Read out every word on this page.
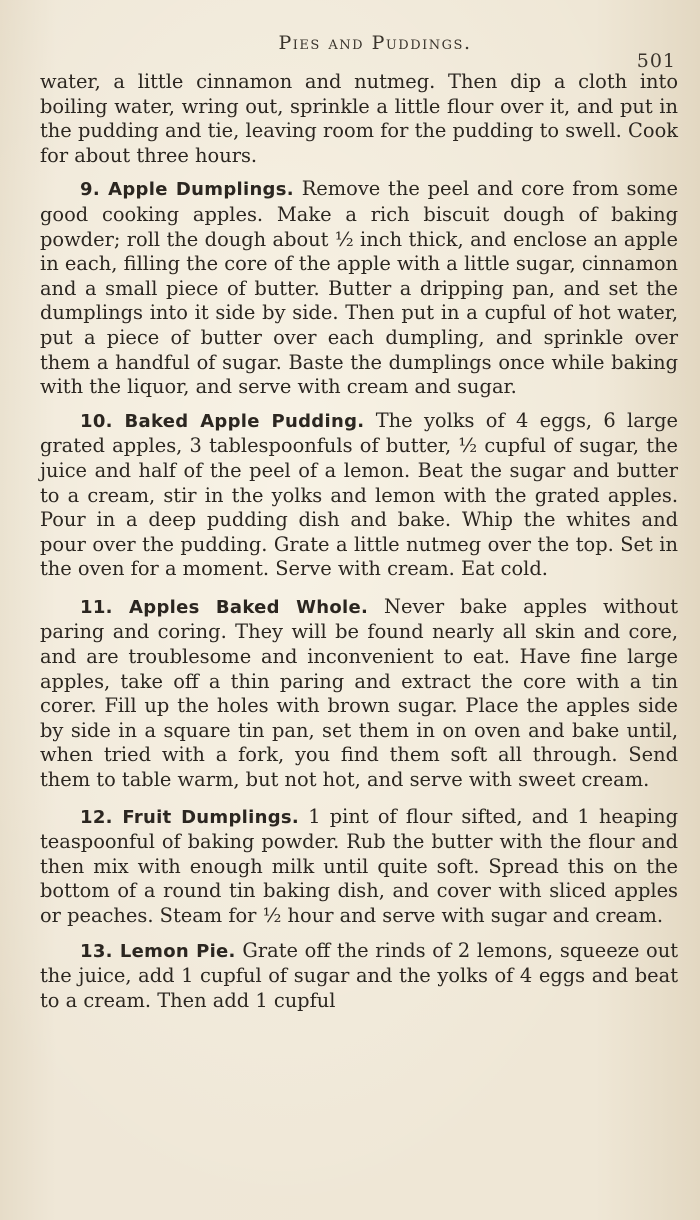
Pies and Puddings.
501

water, a little cinnamon and nutmeg. Then dip a cloth into boiling water, wring out, sprinkle a little flour over it, and put in the pudding and tie, leaving room for the pudding to swell. Cook for about three hours.

9. Apple Dumplings. Remove the peel and core from some good cooking apples. Make a rich biscuit dough of baking powder; roll the dough about ½ inch thick, and enclose an apple in each, filling the core of the apple with a little sugar, cinnamon and a small piece of butter. Butter a dripping pan, and set the dumplings into it side by side. Then put in a cupful of hot water, put a piece of butter over each dumpling, and sprinkle over them a handful of sugar. Baste the dumplings once while baking with the liquor, and serve with cream and sugar.

10. Baked Apple Pudding. The yolks of 4 eggs, 6 large grated apples, 3 tablespoonfuls of butter, ½ cupful of sugar, the juice and half of the peel of a lemon. Beat the sugar and butter to a cream, stir in the yolks and lemon with the grated apples. Pour in a deep pudding dish and bake. Whip the whites and pour over the pudding. Grate a little nutmeg over the top. Set in the oven for a moment. Serve with cream. Eat cold.

11. Apples Baked Whole. Never bake apples without paring and coring. They will be found nearly all skin and core, and are troublesome and inconvenient to eat. Have fine large apples, take off a thin paring and extract the core with a tin corer. Fill up the holes with brown sugar. Place the apples side by side in a square tin pan, set them in on oven and bake until, when tried with a fork, you find them soft all through. Send them to table warm, but not hot, and serve with sweet cream.

12. Fruit Dumplings. 1 pint of flour sifted, and 1 heaping teaspoonful of baking powder. Rub the butter with the flour and then mix with enough milk until quite soft. Spread this on the bottom of a round tin baking dish, and cover with sliced apples or peaches. Steam for ½ hour and serve with sugar and cream.

13. Lemon Pie. Grate off the rinds of 2 lemons, squeeze out the juice, add 1 cupful of sugar and the yolks of 4 eggs and beat to a cream. Then add 1 cupful
